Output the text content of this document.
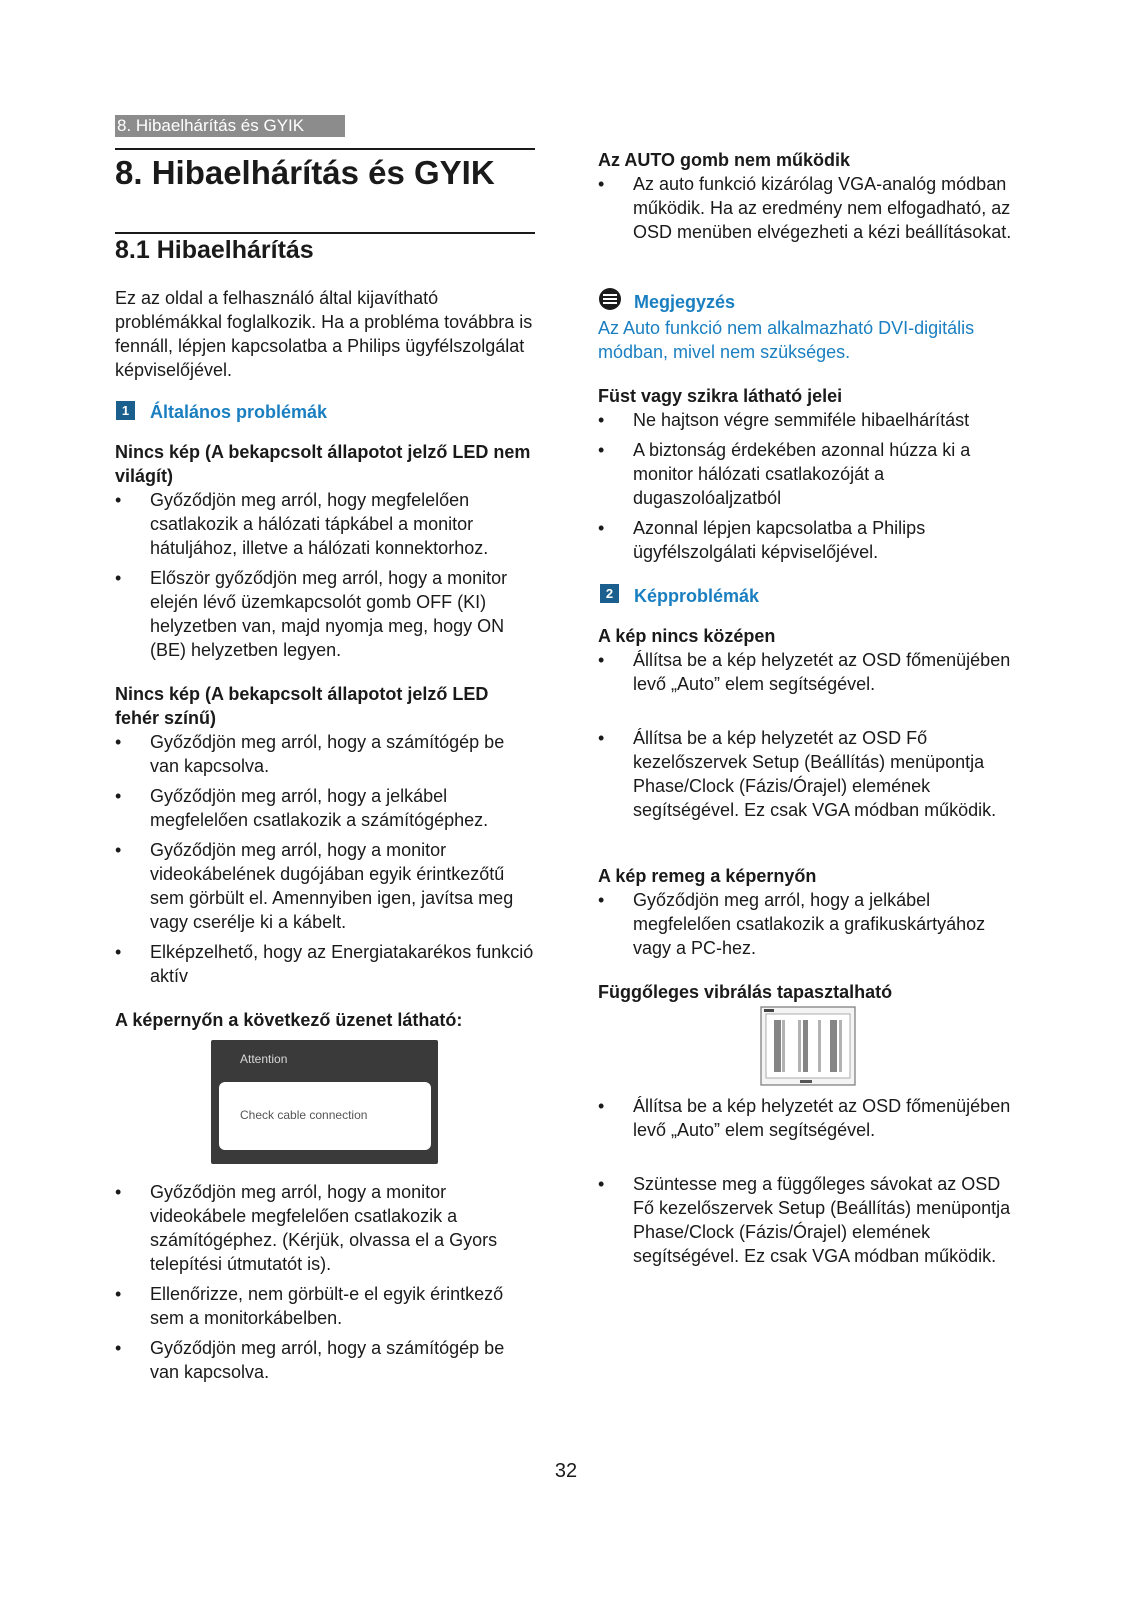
8. Hibaelhárítás és GYIK
8. Hibaelhárítás és GYIK
8.1 Hibaelhárítás

Ez az oldal a felhasználó által kijavítható problémákkal foglalkozik. Ha a probléma továbbra is fennáll, lépjen kapcsolatba a Philips ügyfélszolgálat képviselőjével.

1	Általános problémák

Nincs kép (A bekapcsolt állapotot jelző LED nem világít)

• Győződjön meg arról, hogy megfelelően csatlakozik a hálózati tápkábel a monitor hátuljához, illetve a hálózati konnektorhoz.
• Először győződjön meg arról, hogy a monitor elején lévő üzemkapcsolót gomb OFF (KI) helyzetben van, majd nyomja meg, hogy ON (BE) helyzetben legyen.

Nincs kép (A bekapcsolt állapotot jelző LED fehér színű)

• Győződjön meg arról, hogy a számítógép be van kapcsolva.
• Győződjön meg arról, hogy a jelkábel megfelelően csatlakozik a számítógéphez.
• Győződjön meg arról, hogy a monitor videokábelének dugójában egyik érintkezőtű sem görbült el. Amennyiben igen, javítsa meg vagy cserélje ki a kábelt.
• Elképzelhető, hogy az Energiatakarékos funkció aktív

A képernyőn a következő üzenet látható:

Attention
Check cable connection
• Győződjön meg arról, hogy a monitor videokábele megfelelően csatlakozik a számítógéphez. (Kérjük, olvassa el a Gyors telepítési útmutatót is).
• Ellenőrizze, nem görbült-e el egyik érintkező sem a monitorkábelben.
• Győződjön meg arról, hogy a számítógép be van kapcsolva.

Az AUTO gomb nem működik

• Az auto funkció kizárólag VGA-analóg módban működik. Ha az eredmény nem elfogadható, az OSD menüben elvégezheti a kézi beállításokat.
Megjegyzés

Az Auto funkció nem alkalmazható DVI-digitális módban, mivel nem szükséges.

Füst vagy szikra látható jelei

• Ne hajtson végre semmiféle hibaelhárítást
• A biztonság érdekében azonnal húzza ki a monitor hálózati csatlakozóját a dugaszolóaljzatból
• Azonnal lépjen kapcsolatba a Philips ügyfélszolgálati képviselőjével.
2	Képproblémák

A kép nincs középen

• Állítsa be a kép helyzetét az OSD főmenüjében levő „Auto” elem segítségével.
• Állítsa be a kép helyzetét az OSD Fő kezelőszervek Setup (Beállítás) menüpontja Phase/Clock (Fázis/Órajel) elemének segítségével. Ez csak VGA módban működik.

A kép remeg a képernyőn

• Győződjön meg arról, hogy a jelkábel megfelelően csatlakozik a grafikuskártyához vagy a PC-hez.

Függőleges vibrálás tapasztalható

• Állítsa be a kép helyzetét az OSD főmenüjében levő „Auto” elem segítségével.
• Szüntesse meg a függőleges sávokat az OSD Fő kezelőszervek Setup (Beállítás) menüpontja Phase/Clock (Fázis/Órajel) elemének segítségével. Ez csak VGA módban működik.
32
